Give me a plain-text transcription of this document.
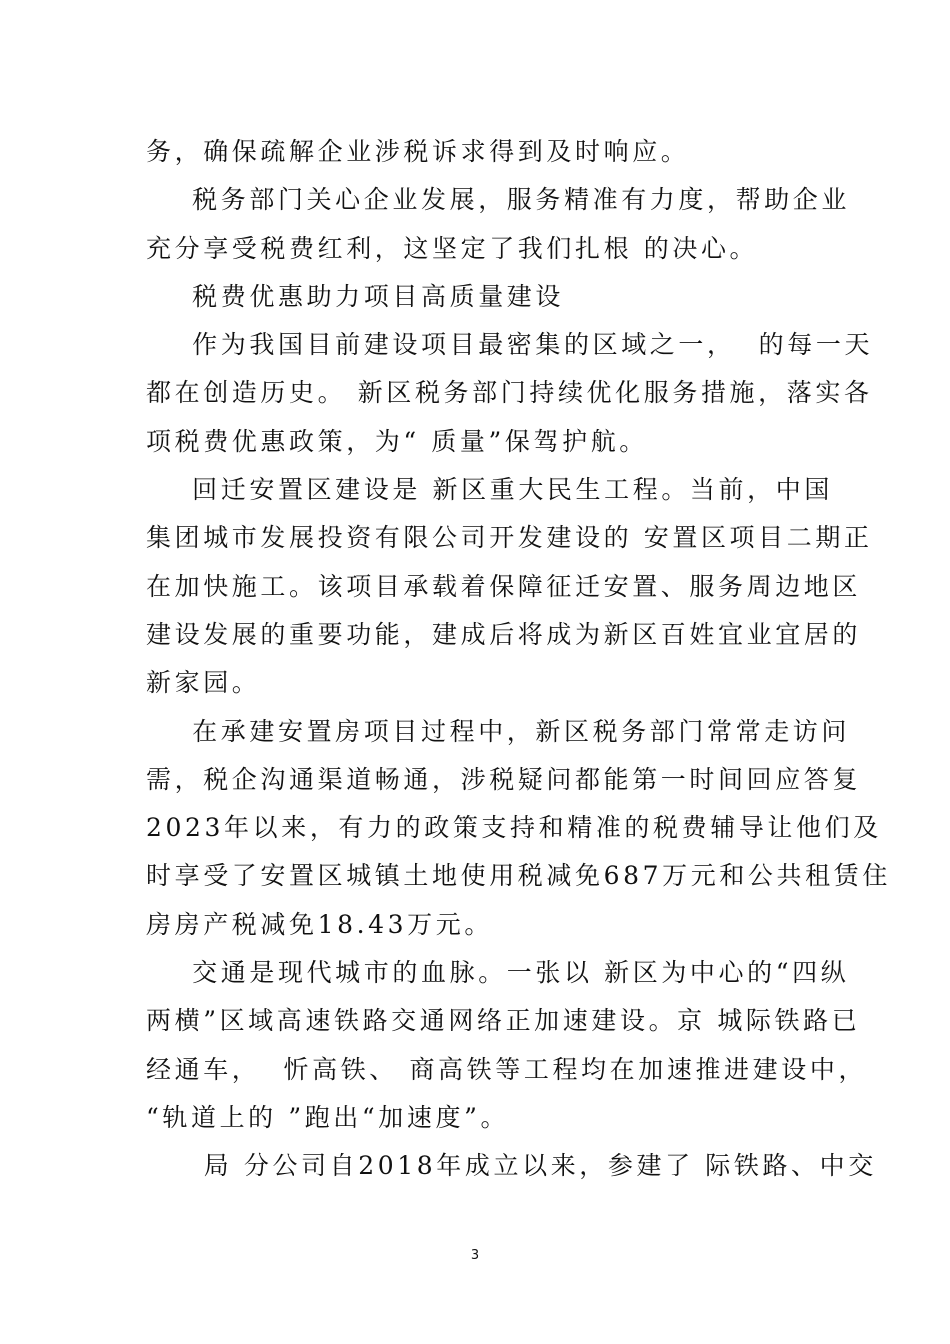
务，确保疏解企业涉税诉求得到及时响应。
税务部门关心企业发展，服务精准有力度，帮助企业
充分享受税费红利，这坚定了我们扎根 的决心。
税费优惠助力项目高质量建设
作为我国目前建设项目最密集的区域之一，  的每一天
都在创造历史。 新区税务部门持续优化服务措施，落实各
项税费优惠政策，为“ 质量”保驾护航。
回迁安置区建设是 新区重大民生工程。当前，中国
集团城市发展投资有限公司开发建设的 安置区项目二期正
在加快施工。该项目承载着保障征迁安置、服务周边地区
建设发展的重要功能，建成后将成为新区百姓宜业宜居的
新家园。
在承建安置房项目过程中，新区税务部门常常走访问
需，税企沟通渠道畅通，涉税疑问都能第一时间回应答复
2023年以来，有力的政策支持和精准的税费辅导让他们及
时享受了安置区城镇土地使用税减免687万元和公共租赁住
房房产税减免18.43万元。
交通是现代城市的血脉。一张以 新区为中心的“四纵
两横”区域高速铁路交通网络正加速建设。京 城际铁路已
经通车，  忻高铁、 商高铁等工程均在加速推进建设中，
“轨道上的 ”跑出“加速度”。
局 分公司自2018年成立以来，参建了 际铁路、中交
3
